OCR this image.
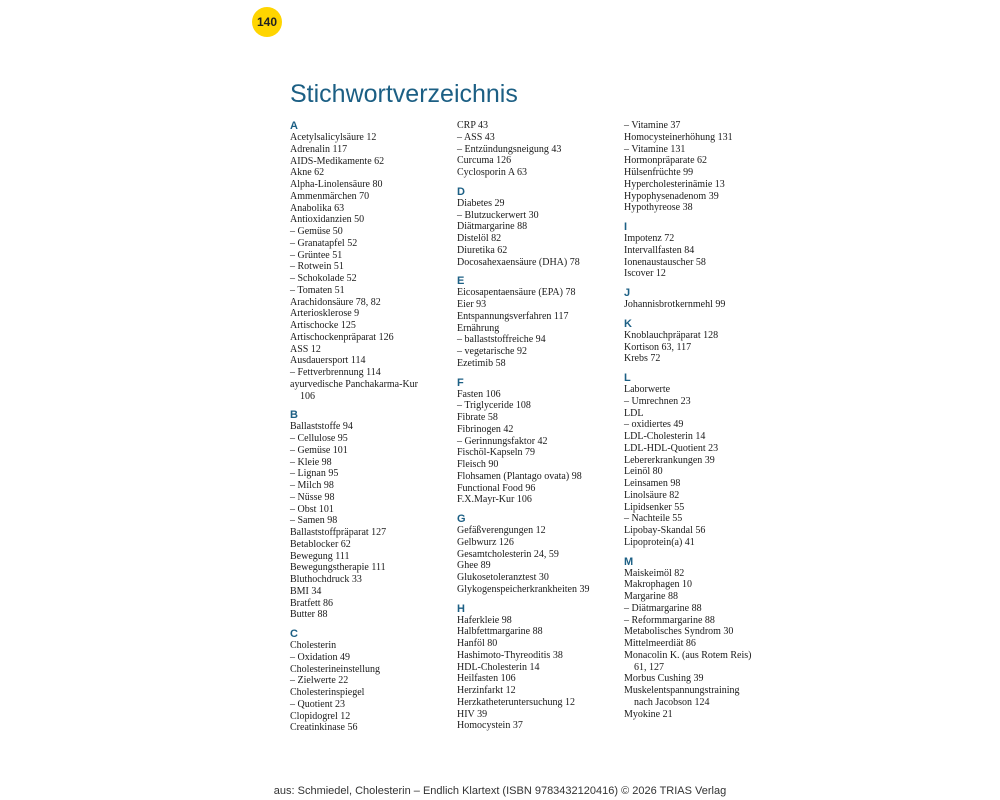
140
Stichwortverzeichnis
A
Acetylsalicylsäure 12
Adrenalin 117
AIDS-Medikamente 62
Akne 62
Alpha-Linolensäure 80
Ammenmärchen 70
Anabolika 63
Antioxidanzien 50
– Gemüse 50
– Granatapfel 52
– Grüntee 51
– Rotwein 51
– Schokolade 52
– Tomaten 51
Arachidonsäure 78, 82
Arteriosklerose 9
Artischocke 125
Artischockenpräparat 126
ASS 12
Ausdauersport 114
– Fettverbrennung 114
ayurvedische Panchakarma-Kur
106
B
Ballaststoffe 94
– Cellulose 95
– Gemüse 101
– Kleie 98
– Lignan 95
– Milch 98
– Nüsse 98
– Obst 101
– Samen 98
Ballaststoffpräparat 127
Betablocker 62
Bewegung 111
Bewegungstherapie 111
Bluthochdruck 33
BMI 34
Bratfett 86
Butter 88
C
Cholesterin
– Oxidation 49
Cholesterineinstellung
– Zielwerte 22
Cholesterinspiegel
– Quotient 23
Clopidogrel 12
Creatinkinase 56
CRP 43
– ASS 43
– Entzündungsneigung 43
Curcuma 126
Cyclosporin A 63
D
Diabetes 29
– Blutzuckerwert 30
Diätmargarine 88
Distelöl 82
Diuretika 62
Docosahexaensäure (DHA) 78
E
Eicosapentaensäure (EPA) 78
Eier 93
Entspannungsverfahren 117
Ernährung
– ballaststoffreiche 94
– vegetarische 92
Ezetimib 58
F
Fasten 106
– Triglyceride 108
Fibrate 58
Fibrinogen 42
– Gerinnungsfaktor 42
Fischöl-Kapseln 79
Fleisch 90
Flohsamen (Plantago ovata) 98
Functional Food 96
F.X.Mayr-Kur 106
G
Gefäßverengungen 12
Gelbwurz 126
Gesamtcholesterin 24, 59
Ghee 89
Glukosetoleranztest 30
Glykogenspeicherkrankheiten 39
H
Haferkleie 98
Halbfettmargarine 88
Hanföl 80
Hashimoto-Thyreoditis 38
HDL-Cholesterin 14
Heilfasten 106
Herzinfarkt 12
Herzkatheteruntersuchung 12
HIV 39
Homocystein 37
– Vitamine 37
Homocysteinerhöhung 131
– Vitamine 131
Hormonpräparate 62
Hülsenfrüchte 99
Hypercholesterinämie 13
Hypophysenadenom 39
Hypothyreose 38
I
Impotenz 72
Intervallfasten 84
Ionenaustauscher 58
Iscover 12
J
Johannisbrotkernmehl 99
K
Knoblauchpräparat 128
Kortison 63, 117
Krebs 72
L
Laborwerte
– Umrechnen 23
LDL
– oxidiertes 49
LDL-Cholesterin 14
LDL-HDL-Quotient 23
Lebererkrankungen 39
Leinöl 80
Leinsamen 98
Linolsäure 82
Lipidsenker 55
– Nachteile 55
Lipobay-Skandal 56
Lipoprotein(a) 41
M
Maiskeimöl 82
Makrophagen 10
Margarine 88
– Diätmargarine 88
– Reformmargarine 88
Metabolisches Syndrom 30
Mittelmeerdiät 86
Monacolin K. (aus Rotem Reis)
61, 127
Morbus Cushing 39
Muskelentspannungstraining
nach Jacobson 124
Myokine 21
aus: Schmiedel, Cholesterin – Endlich Klartext (ISBN 9783432120416) © 2026 TRIAS Verlag
